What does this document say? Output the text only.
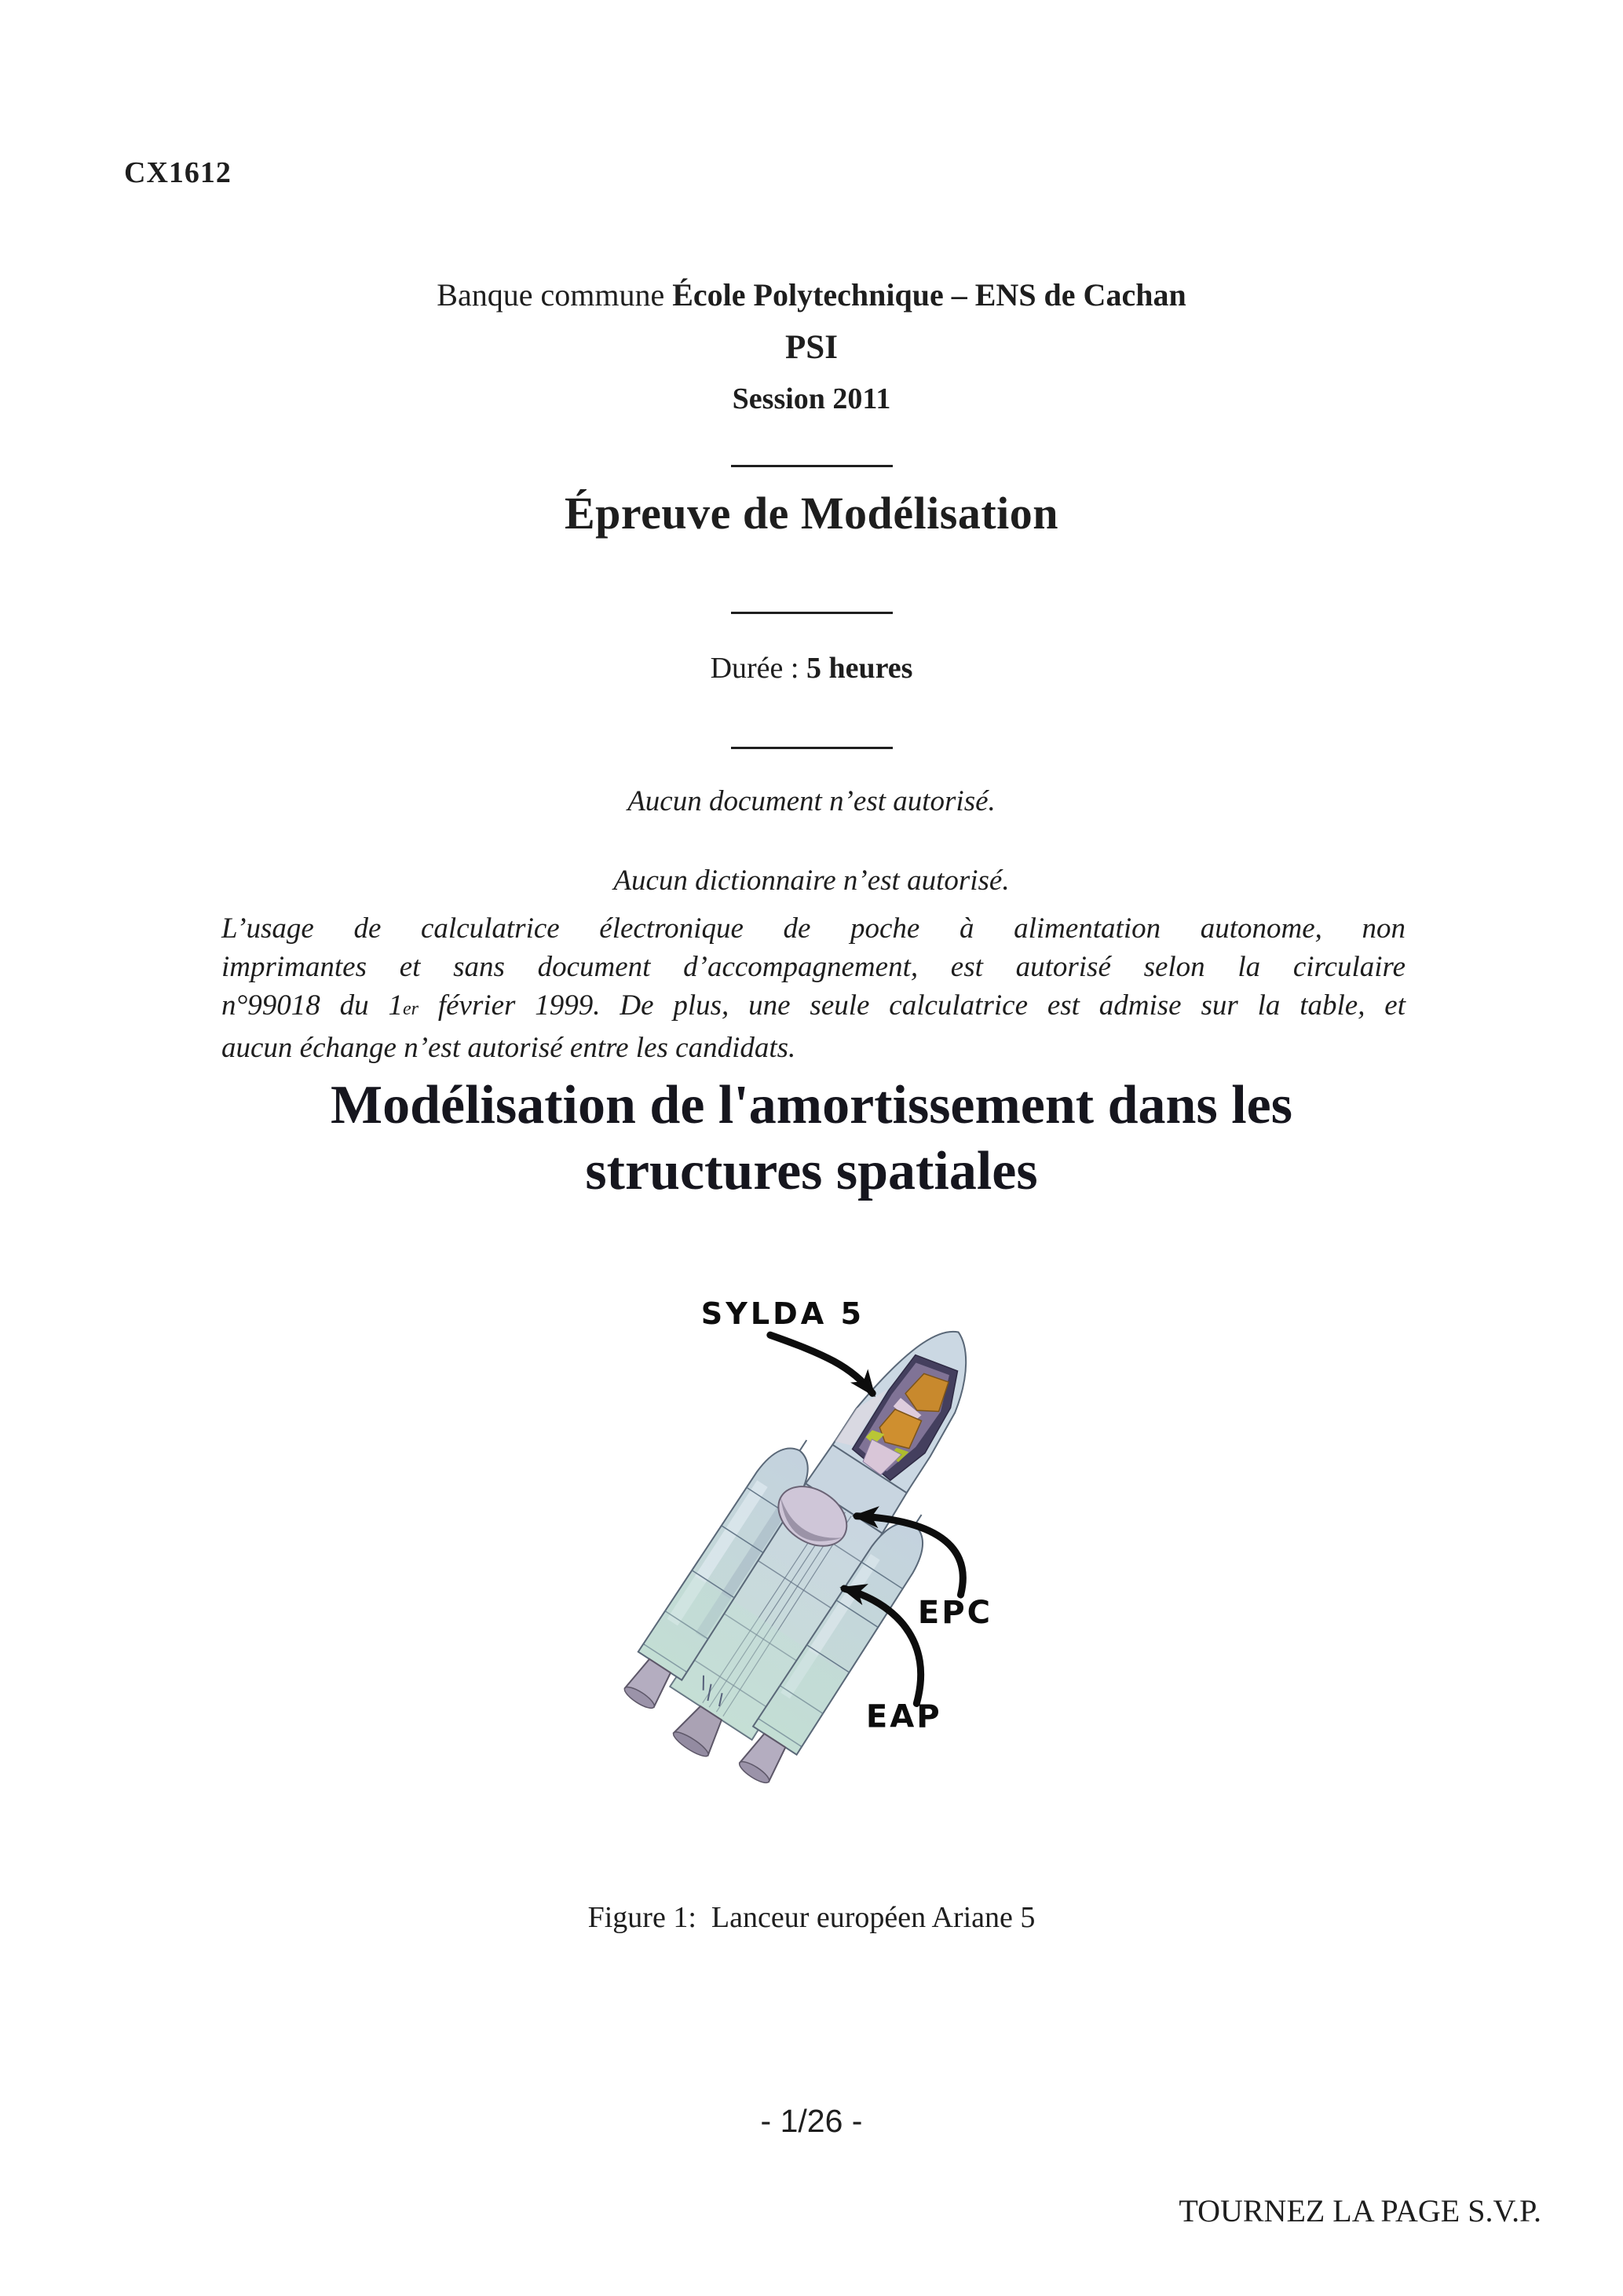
CX1612
Banque commune École Polytechnique – ENS de Cachan
PSI
Session 2011
Épreuve de Modélisation
Durée : 5 heures
Aucun document n’est autorisé.
Aucun dictionnaire n’est autorisé.
L’usage de calculatrice électronique de poche à alimentation autonome, non
imprimantes et sans document d’accompagnement, est autorisé selon la circulaire
n°99018 du 1er février 1999. De plus, une seule calculatrice est admise sur la table, et
aucun échange n’est autorisé entre les candidats.
Modélisation de l'amortissement dans les
structures spatiales
SYLDA 5
EPC
EAP
Figure 1:  Lanceur européen Ariane 5
- 1/26 -
TOURNEZ LA PAGE S.V.P.
